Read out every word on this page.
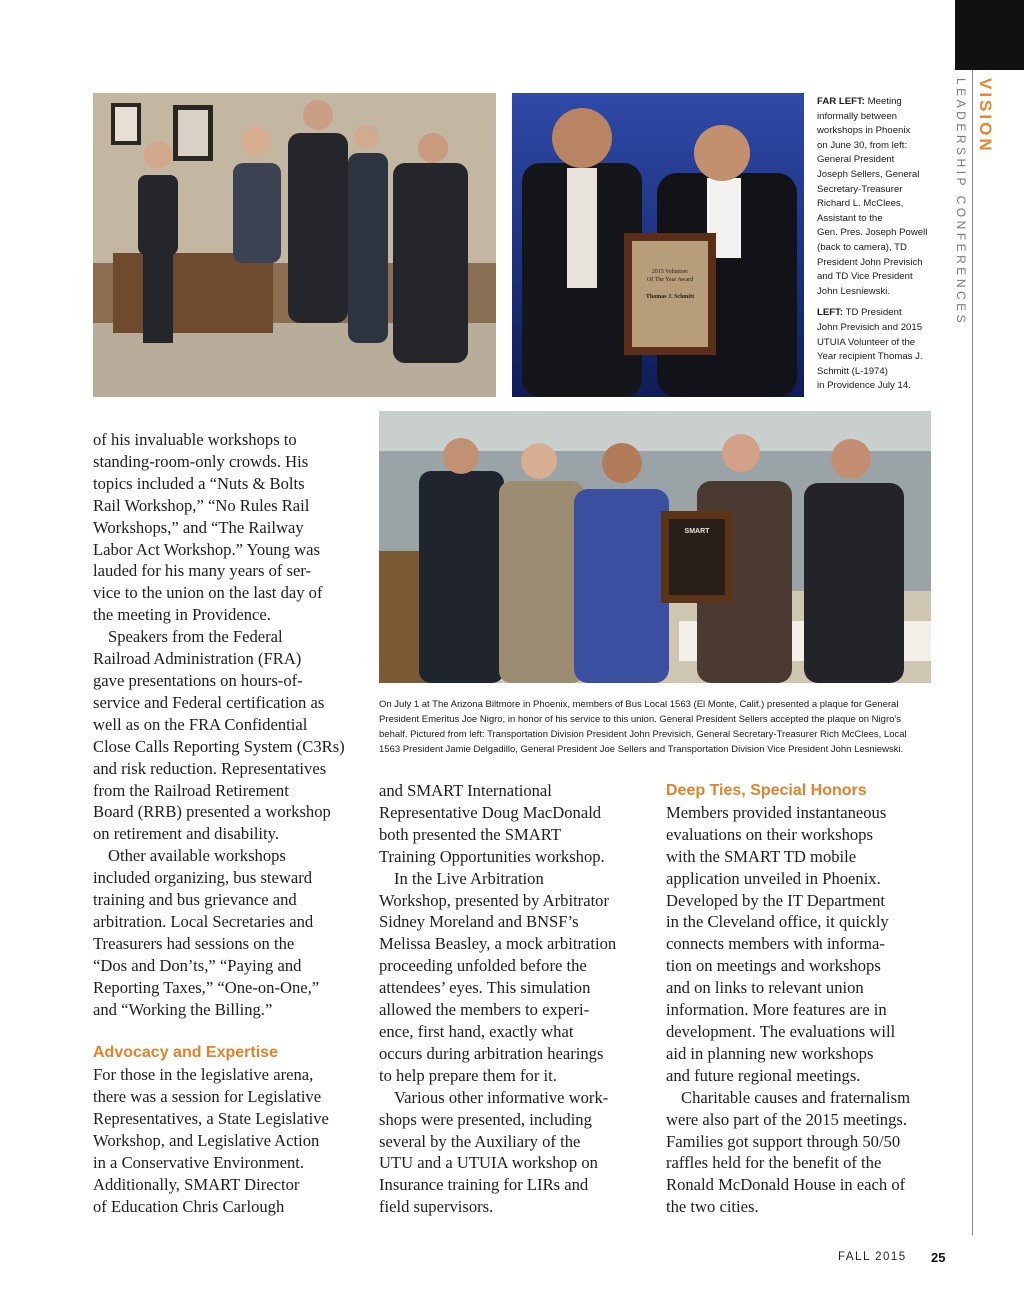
VISION
LEADERSHIP CONFERENCES
2015 Volunteer
Of The Year Award
Thomas J. Schmitt
FAR LEFT: Meeting
informally between
workshops in Phoenix
on June 30, from left:
General President
Joseph Sellers, General
Secretary-Treasurer
Richard L. McClees,
Assistant to the
Gen. Pres. Joseph Powell
(back to camera), TD
President John Previsich
and TD Vice President
John Lesniewski.
LEFT: TD President
John Previsich and 2015
UTUIA Volunteer of the
Year recipient Thomas J.
Schmitt (L-1974)
in Providence July 14.
SMART
On July 1 at The Arizona Biltmore in Phoenix, members of Bus Local 1563 (El Monte, Calif.) presented a plaque for General
President Emeritus Joe Nigro, in honor of his service to this union. General President Sellers accepted the plaque on Nigro's
behalf. Pictured from left: Transportation Division President John Previsich, General Secretary-Treasurer Rich McClees, Local
1563 President Jamie Delgadillo, General President Joe Sellers and Transportation Division Vice President John Lesniewski.

of his invaluable workshops to
standing-room-only crowds. His
topics included a “Nuts & Bolts
Rail Workshop,” “No Rules Rail
Workshops,” and “The Railway
Labor Act Workshop.” Young was
lauded for his many years of ser-
vice to the union on the last day of
the meeting in Providence.

Speakers from the Federal
Railroad Administration (FRA)
gave presentations on hours-of-
service and Federal certification as
well as on the FRA Confidential
Close Calls Reporting System (C3Rs)
and risk reduction. Representatives
from the Railroad Retirement
Board (RRB) presented a workshop
on retirement and disability.

Other available workshops
included organizing, bus steward
training and bus grievance and
arbitration. Local Secretaries and
Treasurers had sessions on the
“Dos and Don’ts,” “Paying and
Reporting Taxes,” “One-on-One,”
and “Working the Billing.”

Advocacy and Expertise

For those in the legislative arena,
there was a session for Legislative
Representatives, a State Legislative
Workshop, and Legislative Action
in a Conservative Environment.
Additionally, SMART Director
of Education Chris Carlough

and SMART International
Representative Doug MacDonald
both presented the SMART
Training Opportunities workshop.

In the Live Arbitration
Workshop, presented by Arbitrator
Sidney Moreland and BNSF’s
Melissa Beasley, a mock arbitration
proceeding unfolded before the
attendees’ eyes. This simulation
allowed the members to experi-
ence, first hand, exactly what
occurs during arbitration hearings
to help prepare them for it.

Various other informative work-
shops were presented, including
several by the Auxiliary of the
UTU and a UTUIA workshop on
Insurance training for LIRs and
field supervisors.

Deep Ties, Special Honors

Members provided instantaneous
evaluations on their workshops
with the SMART TD mobile
application unveiled in Phoenix.
Developed by the IT Department
in the Cleveland office, it quickly
connects members with informa-
tion on meetings and workshops
and on links to relevant union
information. More features are in
development. The evaluations will
aid in planning new workshops
and future regional meetings.

Charitable causes and fraternalism
were also part of the 2015 meetings.
Families got support through 50/50
raffles held for the benefit of the
Ronald McDonald House in each of
the two cities.

FALL 2015 25
